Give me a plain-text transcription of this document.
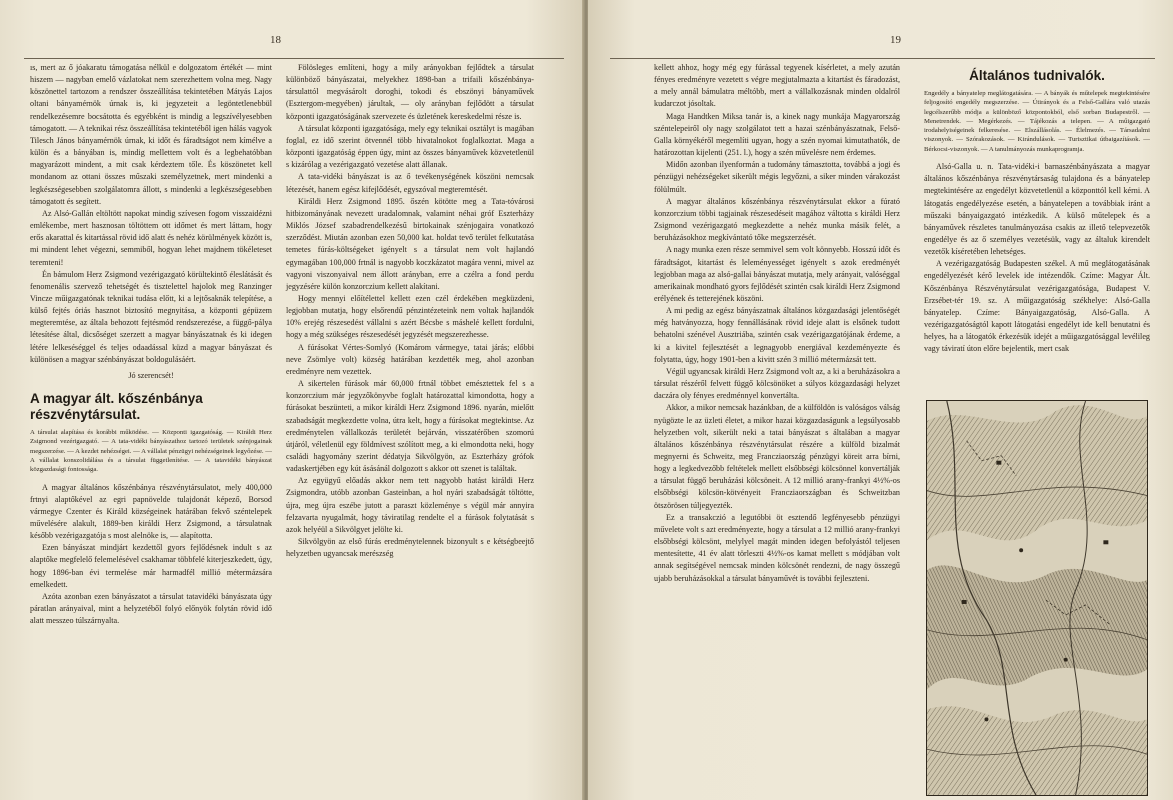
18

ıs, mert az ő jóakaratu támogatása nélkül e dolgozatom értékét — mint hiszem — nagyban emelő vázlatokat nem szerezhettem volna meg. Nagy köszönettel tartozom a rendszer összeállítása tekintetében Mátyás Lajos oltani bányamérnök úrnak is, ki jegyzeteit a legöntetlenebbül rendelkezésemre bocsátotta és egyébként is mindig a legszívélyesebben támogatott. — A teknikai rész összeállítása tekintetéből igen hálás vagyok Tilesch János bányamérnök úrnak, ki időt és fáradtságot nem kímélve a külön és a bányában is, mindig mellettem volt és a legbehatóbban magyarázott mindent, a mit csak kérdeztem tőle. És köszönetet kell mondanom az ottani összes műszaki személyzetnek, mert mindenki a legkészségesebben szolgálatomra állott, s mindenki a legkészségesebben támogatott és segített.

Az Alsó-Gallán eltöltött napokat mindig szívesen fogom visszaidézni emlékembe, mert hasznosan töltöttem ott időmet és mert láttam, hogy erős akarattal és kitartással rövid idő alatt és nehéz körülmények között is, mi mindent lehet végezni, semmiből, hogyan lehet majdnem tökéleteset teremteni!

Én bámulom Herz Zsigmond vezérigazgató körültekintő éleslátását és fenomenális szervező tehetségét és tisztelettel hajolok meg Ranzinger Vincze műigazgatónak teknikai tudása előtt, ki a lejtősaknák telepítése, a külső fejtés óriás hasznot biztosító megnyitása, a központi gépüzem megteremtése, az általa behozott fejtésmód rendszerezése, a függő-pálya létesítése által, dicsőséget szerzett a magyar bányászatnak és ki idegen létére lelkeséséggel és teljes odaadással küzd a magyar bányászat és különösen a magyar szénbányászat boldogulásáért.

Jó szerencsét!

A magyar ált. kőszénbánya részvénytársulat.
A társulat alapítása és korábbi működése. — Központi igazgatóság. — Királdi Herz Zsigmond vezérigazgató. — A tata-vidéki bányászathoz tartozó területek szénjogainak megszerzése. — A kezdet nehézségei. — A vállalat pénzügyi nehézségeinek legyőzése. — A vállalat konszolidálása és a társulat függetlenítése. — A tatavidéki bányászat közgazdasági fontossága.

A magyar általános kőszénbánya részvénytársulatot, mely 400,000 frtnyi alaptőkével az egri papnövelde tulajdonát képező, Borsod vármegye Czenter és Királd községeinek határában fekvő széntelepek művelésére alakult, 1889-ben királdi Herz Zsigmond, a társulatnak később vezérigazgatója s most alelnöke is, — alapította.

Ezen bányászat mindjárt kezdettől gyors fejlődésnek indult s az alaptőke megfelelő felemelésével csakhamar többfelé kiterjeszkedett, úgy, hogy 1896-ban évi termelése már harmadfél millió métermázsára emelkedett.

Azóta azonban ezen bányászatot a társulat tatavidéki bányászata úgy páratlan arányaival, mint a helyzetéből folyó előnyök folytán rövid idő alatt messzeo túlszárnyalta.

Fölösleges említeni, hogy a mily arányokban fejlődtek a társulat különböző bányászatai, melyekhez 1898-ban a trifaili kőszénbánya-társulattól megvásárolt doroghi, tokodi és ebszönyi bányaművek (Esztergom-megyében) járultak, — oly arányban fejlődött a társulat központi igazgatóságának szervezete és üzletének kereskedelmi része is.

A társulat központi igazgatósága, mely egy teknikai osztályt is magában foglal, ez idő szerint ötvennél több hivatalnokot foglalkoztat. Maga a központi igazgatóság éppen úgy, mint az összes bányaművek közvetetlenül s kizárólag a vezérigazgató vezetése alatt állanak.

A tata-vidéki bányászat is az ő tevékenységének köszöni nemcsak létezését, hanem egész kifejlődését, egyszóval megteremtését.

Királdi Herz Zsigmond 1895. őszén kötötte meg a Tata-tóvárosi hitbizományának nevezett uradalomnak, valamint néhai gróf Eszterházy Miklós József szabadrendelkezésű birtokainak szénjogaira vonatkozó szerződést. Miután azonban ezen 50,000 kat. holdat tevő terület felkutatása temetes fúrás-költségeket igényelt s a társulat nem volt hajlandó egymagában 100,000 frtnál is nagyobb koczkázatot magára venni, mivel az vagyoni viszonyaival nem állott arányban, erre a czélra a fond perdu jegyzésére külön konzorczium kellett alakítani.

Hogy mennyi előítélettel kellett ezen czél érdekében megküzdeni, legjobban mutatja, hogy elsőrendű pénzintézeteink nem voltak hajlandók 10% erejég részesedést vállalni s azért Bécsbe s máshelé kellett fordulni, hogy a még szükséges részesedését jegyzését megszerezhesse.

A fúrásokat Vértes-Somlyó (Komárom vármegye, tatai járás; előbbi neve Zsömlye volt) község határában kezdették meg, ahol azonban eredményre nem vezettek.

A sikertelen fúrások már 60,000 frtnál többet emésztettek fel s a konzorczium már jegyzőkönyvbe foglalt határozattal kimondotta, hogy a fúrásokat beszünteti, a mikor királdi Herz Zsigmond 1896. nyarán, mielőtt szabadságát megkezdette volna, útra kelt, hogy a fúrásokat megtekintse. Az eredménytelen vállalkozás területét bejárván, visszatérőben szomorú útjáról, véletlenül egy földmívest szólított meg, a ki elmondotta neki, hogy családi hagyomány szerint dédatyja Sikvölgyön, az Eszterházy grófok vadaskertjében egy kút ásásánál dolgozott s akkor ott szenet is találtak.

Az együgyű előadás akkor nem tett nagyobb hatást királdi Herz Zsigmondra, utóbb azonban Gasteinban, a hol nyári szabadságát töltötte, újra, meg újra eszébe jutott a paraszt közleménye s végül már annyira felzavarta nyugalmát, hogy táviratilag rendelte el a fúrások folytatását s azok helyéül a Sikvölgyet jelölte ki.

Sikvölgyön az első fúrás eredménytelennek bizonyult s e kétségbeejtő helyzetben ugyancsak merészség

19

kellett ahhoz, hogy még egy fúrással tegyenek kísérletet, a mely azután fényes eredményre vezetett s végre megjutalmazta a kitartást és fáradozást, a mely annál bámulatra méltóbb, mert a vállalkozásnak minden oldalról kudarczot jósoltak.

Maga Handtken Miksa tanár is, a kinek nagy munkája Magyarország széntelepeiről oly nagy szolgálatot tett a hazai szénbányászatnak, Felső-Galla környékéről megemlíti ugyan, hogy a szén nyomai kimutathatók, de határozottan kijelenti (251. l.), hogy a szén művelésre nem érdemes.

Midőn azonban ilyenformán a tudomány támasztotta, továbbá a jogi és pénzügyi nehézségeket sikerült mégis legyőzni, a siker minden várakozást fölülmúlt.

A magyar általános kőszénbánya részvénytársulat ekkor a fúrató konzorczium többi tagjainak részesedéseit magához váltotta s királdi Herz Zsigmond vezérigazgató megkezdette a nehéz munka másik felét, a beruházásokhoz megkívántató tőke megszerzését.

A nagy munka ezen része semmivel sem volt könnyebb. Hosszú időt és fáradtságot, kitartást és leleményességet igényelt s azok eredményét legjobban maga az alsó-gallai bányászat mutatja, mely arányait, valóséggal amerikainak mondható gyors fejlődését szintén csak királdi Herz Zsigmond erélyének és tetterejének köszöni.

A mi pedig az egész bányászatnak általános közgazdasági jelentőségét még hatványozza, hogy fennállásának rövid ideje alatt is elsőnek tudott behatolni szénével Ausztriába, szintén csak vezérigazgatójának érdeme, a ki a kivitel fejlesztését a legnagyobb energiával kezdeményezte és folytatta, úgy, hogy 1901-ben a kivitt szén 3 millió métermázsát tett.

Végül ugyancsak királdi Herz Zsigmond volt az, a ki a beruházásokra a társulat részéről felvett függő kölcsönöket a súlyos közgazdasági helyzet daczára oly fényes eredménnyel konvertálta.

Akkor, a mikor nemcsak hazánkban, de a külföldön is valóságos válság nyügözte le az üzleti életet, a mikor hazai közgazdaságunk a legsúlyosabb helyzetben volt, sikerült neki a tatai bányászat s általában a magyar általános kőszénbánya részvénytársulat részére a külföld bizalmát megnyerni és Schweitz, meg Francziaország pénzügyi köreit arra bírni, hogy a legkedvezőbb feltételek mellett elsőbbségi kölcsönnel konvertálják a társulat függő beruházási kölcsöneit. A 12 millió arany-frankyi 4½%-os elsőbbségi kölcsön-kötvényeit Francziaországban és Schweitzban ötszörösen túljegyezték.

Ez a transakczió a legutóbbi öt esztendő legfényesebb pénzügyi művelete volt s azt eredményezte, hogy a társulat a 12 millió arany-frankyi elsőbbségi kölcsönt, melylyel magát minden idegen befolyástól teljesen mentesítette, 41 év alatt törleszti 4½%-os kamat mellett s módjában volt annak segítségével nemcsak minden kölcsönét rendezni, de nagy összegű ujabb beruházásokkal a társulat bányaművét is további fejleszteni.

Általános tudnivalók.
Engedély a bányatelep meglátogatására. — A bányák és műtelepek megtekintésére feljogosító engedély megszerzése. — Útirányok és a Felső-Gallára való utazás legcélszerűbb módja a különböző központokból, első sorban Budapestről. — Menetrendek. — Megérkezés. — Tájékozás a telepen. — A műigazgató irodahelyiségeinek felkeresése. — Elszállásolás. — Élelmezés. — Társadalmi viszonyok. — Szórakozások. — Kirándulások. — Turisztikai útbaigazítások. — Bérkocsi-viszonyok. — A tanulmányozás munkaprogramja.

Alsó-Galla u. n. Tata-vidéki-i barnaszénbányászata a magyar általános kőszénbánya részvénytársaság tulajdona és a bányatelep megtekintésére az engedélyt közvetetlenül a központtól kell kérni. A látogatás engedélyezése esetén, a bányatelepen a továbbiak iránt a műszaki bányaigazgató intézkedik. A külső műtelepek és a bányaművek részletes tanulmányozása csakis az illető telepvezetők engedélye és az ő személyes vezetésük, vagy az általuk kirendelt vezetők kíséretében lehetséges.

A vezérigazgatóság Budapesten székel. A mű meglátogatásának engedélyezését kérő levelek ide intézendők. Czíme: Magyar Ált. Kőszénbánya Részvénytársulat vezérigazgatósága, Budapest V. Erzsébet-tér 19. sz. A műigazgatóság székhelye: Alsó-Galla bányatelep. Czíme: Bányaigazgatóság, Alsó-Galla. A vezérigazgatóságtól kapott látogatási engedélyt ide kell benutatni és helyes, ha a látogatók érkezésük idejét a műigazgatósággal levélileg vagy táviratí úton előre bejelentik, mert csak
